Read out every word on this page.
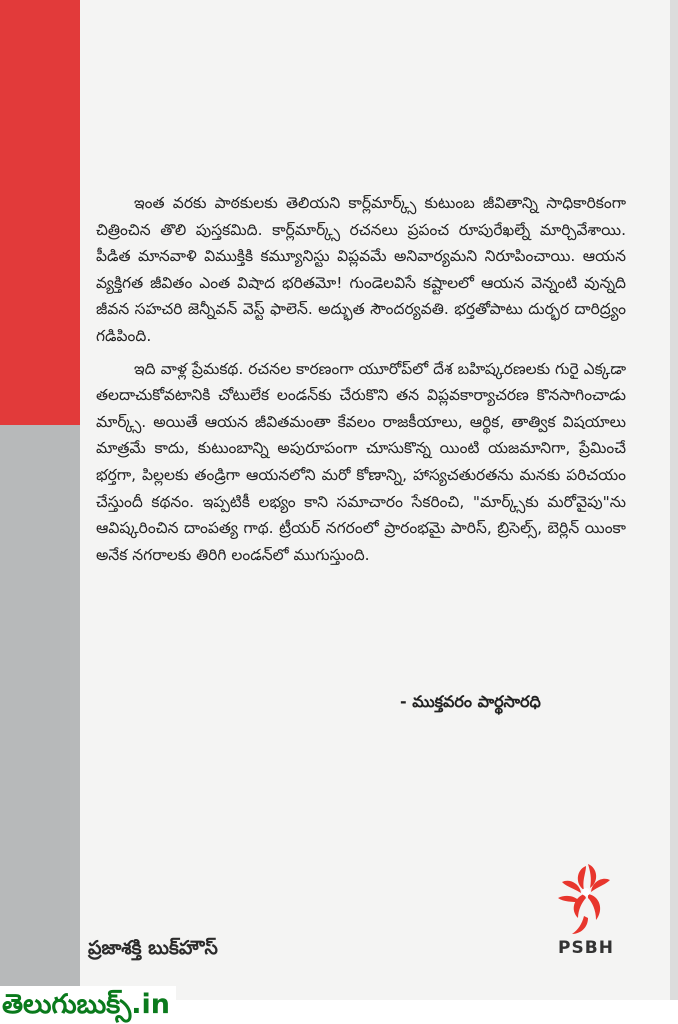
ఇంత వరకు పాఠకులకు తెలియని కార్ల్‌మార్క్స్ కుటుంబ జీవితాన్ని సాధికారికంగా చిత్రించిన తొలి పుస్తకమిది. కార్ల్‌మార్క్స్ రచనలు ప్రపంచ రూపురేఖల్నే మార్చివేశాయి. పీడిత మానవాళి విముక్తికి కమ్యూనిస్టు విప్లవమే అనివార్యమని నిరూపించాయి. ఆయన వ్యక్తిగత జీవితం ఎంత విషాద భరితమో! గుండెలవిసే కష్టాలలో ఆయన వెన్నంటి వున్నది జీవన సహచరి జెన్నీవన్ వెస్ట్ ఫాలెన్. అద్భుత సౌందర్యవతి. భర్తతోపాటు దుర్భర దారిద్ర్యం గడిపింది.

ఇది వాళ్ల ప్రేమకథ. రచనల కారణంగా యూరోప్‌లో దేశ బహిష్కరణలకు గురై ఎక్కడా తలదాచుకోవటానికి చోటులేక లండన్‌కు చేరుకొని తన విప్లవకార్యాచరణ కొనసాగించాడు మార్క్స్. అయితే ఆయన జీవితమంతా కేవలం రాజకీయాలు, ఆర్థిక, తాత్విక విషయాలు మాత్రమే కాదు, కుటుంబాన్ని అపురూపంగా చూసుకొన్న యింటి యజమానిగా, ప్రేమించే భర్తగా, పిల్లలకు తండ్రిగా ఆయనలోని మరో కోణాన్ని, హాస్యచతురతను మనకు పరిచయం చేస్తుందీ కథనం. ఇప్పటికీ లభ్యం కాని సమాచారం సేకరించి, "మార్క్స్‌కు మరోవైపు"ను ఆవిష్కరించిన దాంపత్య గాథ. ట్రీయర్ నగరంలో ప్రారంభమై పారిస్, బ్రిసెల్స్, బెర్లిన్ యింకా అనేక నగరాలకు తిరిగి లండన్‌లో ముగుస్తుంది.

- ముక్తవరం పార్థసారధి
ప్రజాశక్తి బుక్‌హౌస్	PSBH
తెలుగుబుక్స్.in
